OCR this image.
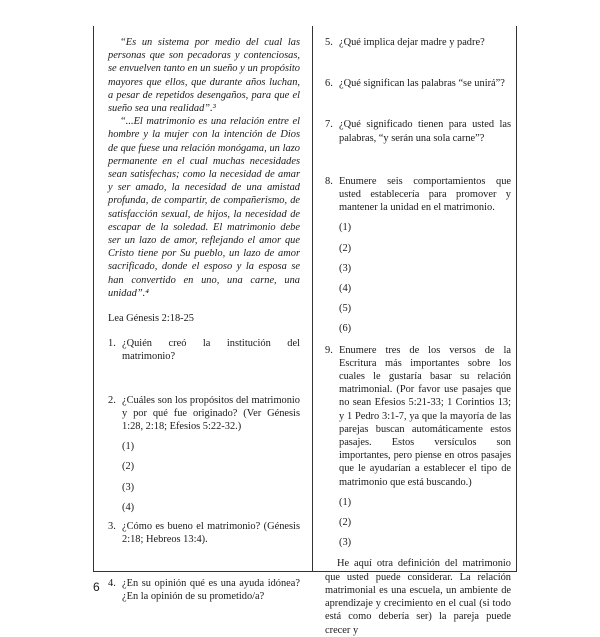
“Es un sistema por medio del cual las personas que son pecadoras y contenciosas, se envuelven tanto en un sueño y un propósito mayores que ellos, que durante años luchan, a pesar de repetidos desengaños, para que el sueño sea una realidad”.³

“...El matrimonio es una relación entre el hombre y la mujer con la intención de Dios de que fuese una relación monógama, un lazo permanente en el cual muchas necesidades sean satisfechas; como la necesidad de amar y ser amado, la necesidad de una amistad profunda, de compartir, de compañerismo, de satisfacción sexual, de hijos, la necesidad de escapar de la soledad. El matrimonio debe ser un lazo de amor, reflejando el amor que Cristo tiene por Su pueblo, un lazo de amor sacrificado, donde el esposo y la esposa se han convertido en uno, una carne, una unidad”.⁴

Lea Génesis 2:18-25

1. ¿Quién creó la institución del matrimonio?

2. ¿Cuáles son los propósitos del matrimonio y por qué fue originado? (Ver Génesis 1:28, 2:18; Efesios 5:22-32.)

(1)
(2)
(3)
(4)
3. ¿Cómo es bueno el matrimonio? (Génesis 2:18; Hebreos 13:4).

4. ¿En su opinión qué es una ayuda idónea? ¿En la opinión de su prometido/a?

5. ¿Qué implica dejar madre y padre?

6. ¿Qué significan las palabras “se unirá”?

7. ¿Qué significado tienen para usted las palabras, “y serán una sola carne”?

8. Enumere seis comportamientos que usted establecería para promover y mantener la unidad en el matrimonio.

(1)
(2)
(3)
(4)
(5)
(6)
9. Enumere tres de los versos de la Escritura más importantes sobre los cuales le gustaría basar su relación matrimonial. (Por favor use pasajes que no sean Efesios 5:21-33; 1 Corintios 13; y 1 Pedro 3:1-7, ya que la mayoría de las parejas buscan automáticamente estos pasajes. Estos versículos son importantes, pero piense en otros pasajes que le ayudarían a establecer el tipo de matrimonio que está buscando.)

(1)
(2)
(3)

He aquí otra definición del matrimonio que usted puede considerar. La relación matrimonial es una escuela, un ambiente de aprendizaje y crecimiento en el cual (si todo está como debería ser) la pareja puede crecer y

6
